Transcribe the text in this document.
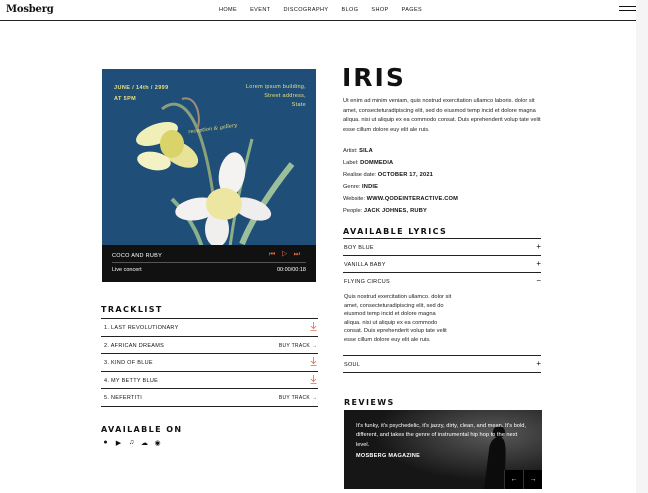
Mosberg	HOME EVENT DISCOGRAPHY BLOG SHOP PAGES
JUNE / 14th / 2999
AT 5PM
Lorem ipsum building,
Street address,
State
reception & gallery
COCO AND RUBY	⏮▷⏭
Live concert	00:00/00:18
IRIS
Ut enim ad minim veniam, quis nostrud exercitation ullamco laboris. dolor sit amet, consecteturadipiscing elit, sed do eiusmod temp incid et dolore magna aliqua. nisi ut aliquip ex ea commodo consat. Duis eprehenderit volup tate velit esse cillum dolore euy elit ale ruis.
Artist: SILA
Label: DOMMEDIA
Realise date: OCTOBER 17, 2021
Genre: INDIE
Website: WWW.QODEINTERACTIVE.COM
People: JACK JOHNES, RUBY
AVAILABLE LYRICS
BOY BLUE	+
VANILLA BABY	+
FLYING CIRCUS	−
Quis nostrud exercitation ullamco. dolor sit amet, consecteturadipiscing elit, sed do eiusmod temp incid et dolore magna aliqua. nisi ut aliquip ex ea commodo consat. Duis eprehenderit volup tate velit esse cillum dolore euy elit ale ruis.
SOUL	+
TRACKLIST
1. LAST REVOLUTIONARY
2. AFRICAN DREAMS	BUY TRACK →
3. KIND OF BLUE
4. MY BETTY BLUE
5. NEFERTITI	BUY TRACK →
AVAILABLE ON
● ▶ ♫ ☁ ◉
REVIEWS
It's funky, it's psychedelic, it's jazzy, dirty, clean, and mean. It's bold, different, and takes the genre of instrumental hip hop to the next level.
MOSBERG MAGAZINE
←	→
